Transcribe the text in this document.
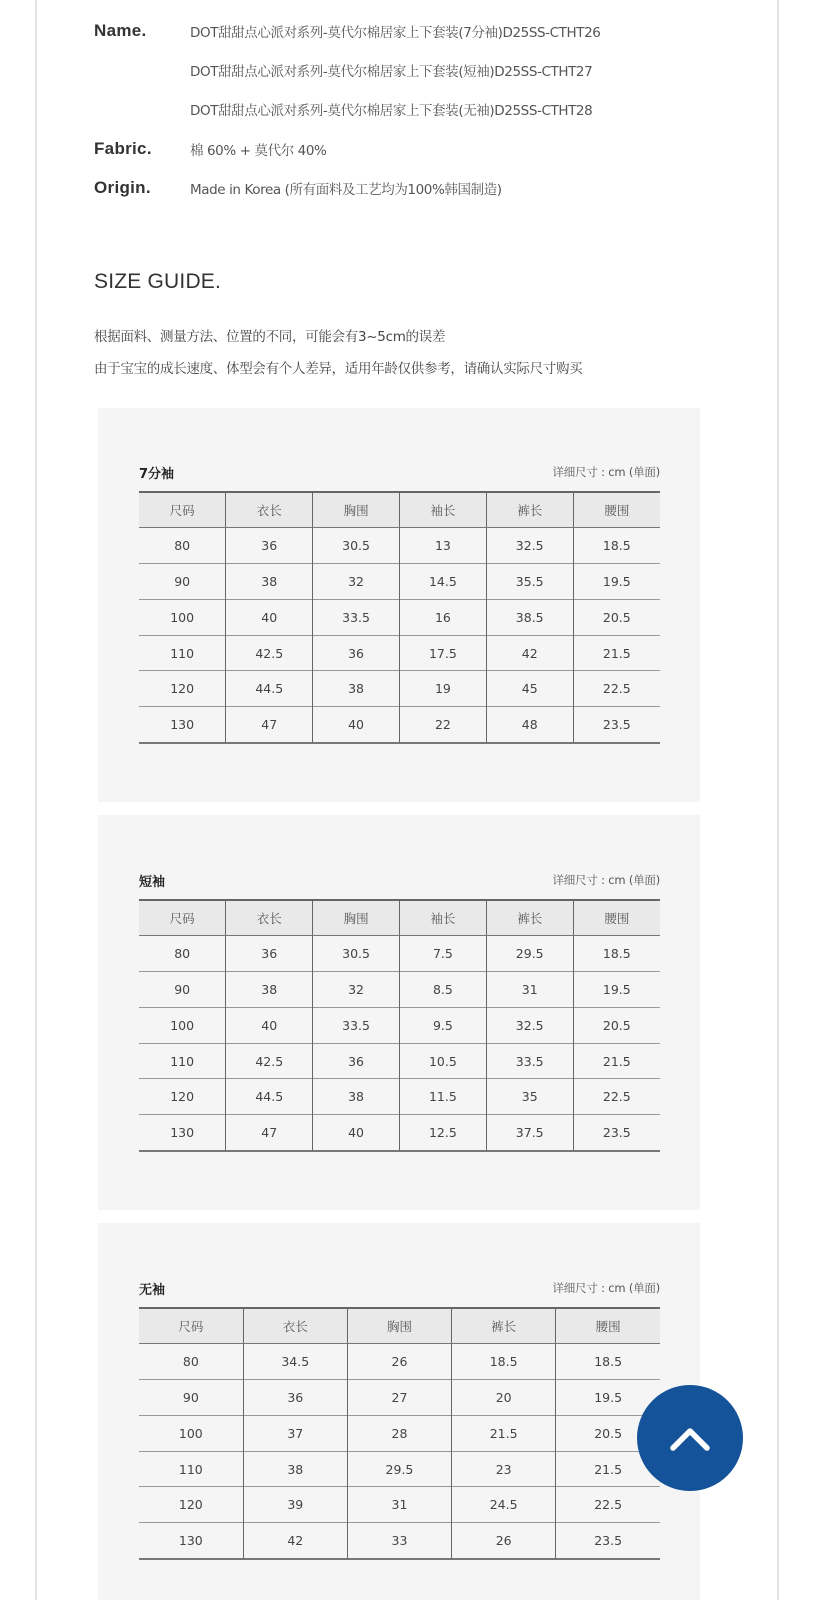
Name.	DOT甜甜点心派对系列-莫代尔棉居家上下套装(7分袖)D25SS-CTHT26
DOT甜甜点心派对系列-莫代尔棉居家上下套装(短袖)D25SS-CTHT27
DOT甜甜点心派对系列-莫代尔棉居家上下套装(无袖)D25SS-CTHT28
Fabric.	棉 60% + 莫代尔 40%
Origin.	Made in Korea (所有面料及工艺均为100%韩国制造)
SIZE GUIDE.
根据面料、测量方法、位置的不同，可能会有3~5cm的误差
由于宝宝的成长速度、体型会有个人差异，适用年龄仅供参考，请确认实际尺寸购买
7分袖	详细尺寸 : cm (单面)
尺码	衣长	胸围	袖长	裤长	腰围
80	36	30.5	13	32.5	18.5
90	38	32	14.5	35.5	19.5
100	40	33.5	16	38.5	20.5
110	42.5	36	17.5	42	21.5
120	44.5	38	19	45	22.5
130	47	40	22	48	23.5
短袖	详细尺寸 : cm (单面)
尺码	衣长	胸围	袖长	裤长	腰围
80	36	30.5	7.5	29.5	18.5
90	38	32	8.5	31	19.5
100	40	33.5	9.5	32.5	20.5
110	42.5	36	10.5	33.5	21.5
120	44.5	38	11.5	35	22.5
130	47	40	12.5	37.5	23.5
无袖	详细尺寸 : cm (单面)
尺码	衣长	胸围	裤长	腰围
80	34.5	26	18.5	18.5
90	36	27	20	19.5
100	37	28	21.5	20.5
110	38	29.5	23	21.5
120	39	31	24.5	22.5
130	42	33	26	23.5
